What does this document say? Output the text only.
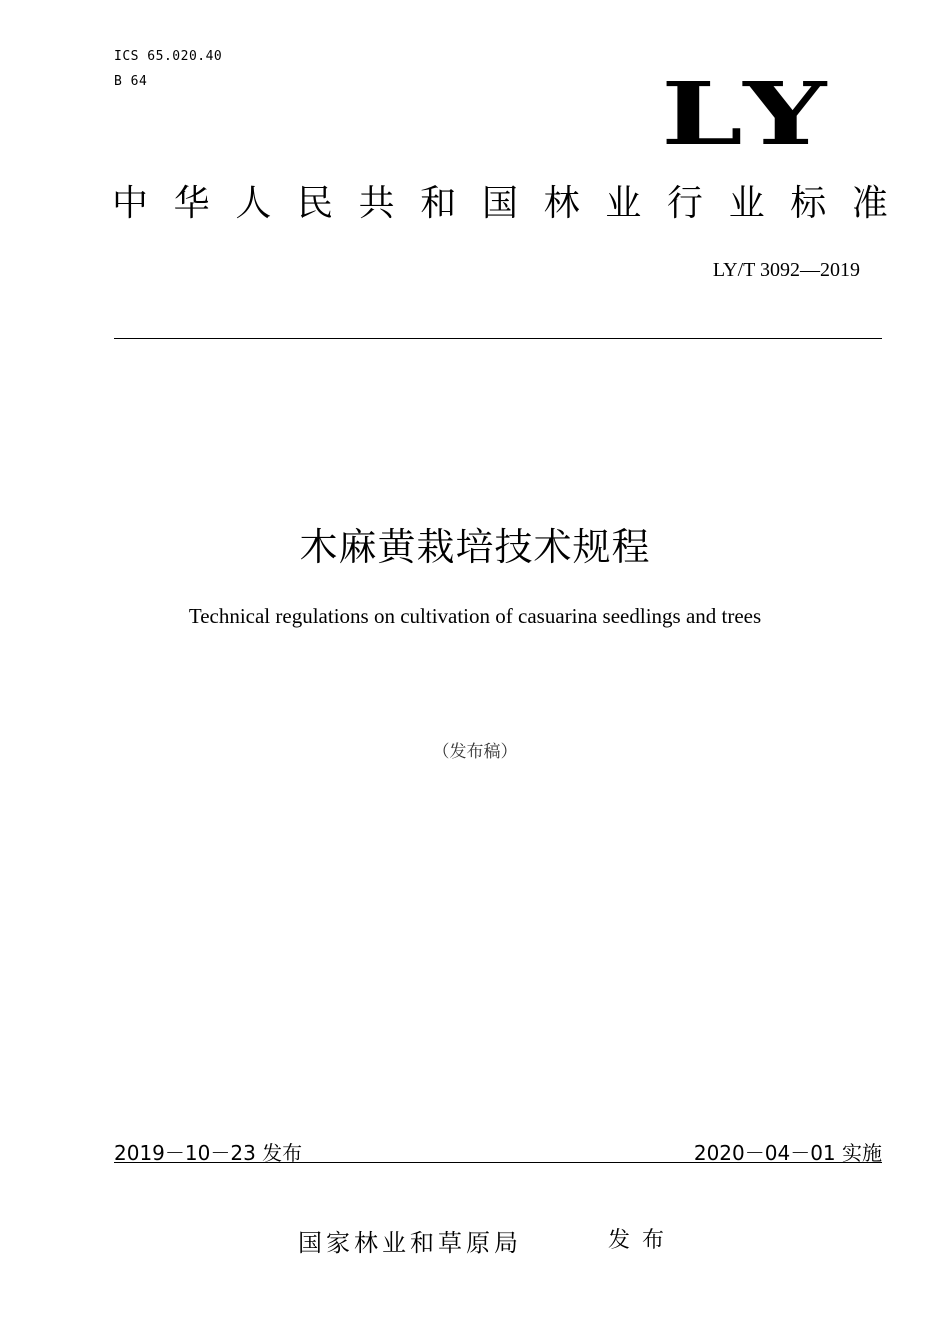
ICS 65.020.40
B 64	LY
中 华 人 民 共 和 国 林 业 行 业 标 准
LY/T 3092—2019
木麻黄栽培技术规程
Technical regulations on cultivation of casuarina seedlings and trees
（发布稿）
2019－10－23 发布	2020－04－01 实施
国家林业和草原局	发布
